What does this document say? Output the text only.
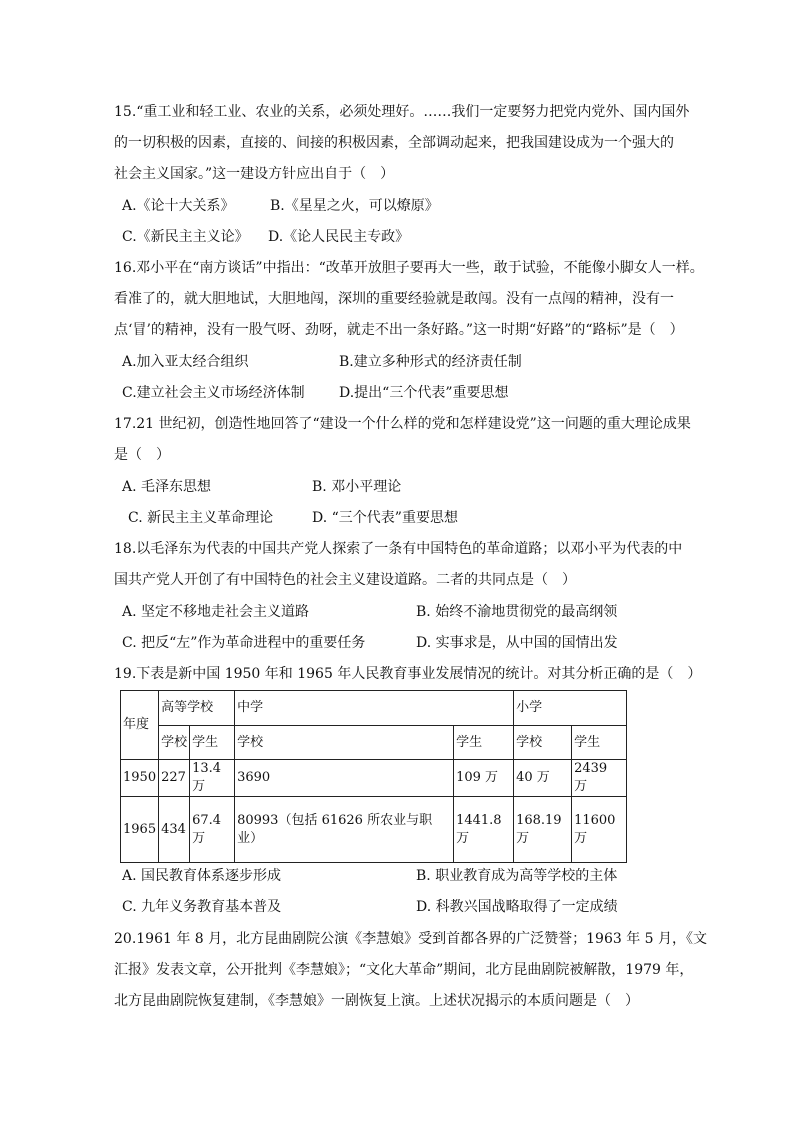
15.“重工业和轻工业、农业的关系，必须处理好。……我们一定要努力把党内党外、国内国外
的一切积极的因素，直接的、间接的积极因素，全部调动起来，把我国建设成为一个强大的
社会主义国家。”这一建设方针应出自于（　）
A.《论十大关系》	B.《星星之火，可以燎原》
C.《新民主主义论》 D.《论人民民主专政》
16.邓小平在“南方谈话”中指出：“改革开放胆子要再大一些，敢于试验，不能像小脚女人一样。
看准了的，就大胆地试，大胆地闯，深圳的重要经验就是敢闯。没有一点闯的精神，没有一
点‘冒’的精神，没有一股气呀、劲呀，就走不出一条好路。”这一时期“好路”的“路标”是（　）
A.加入亚太经合组织	B.建立多种形式的经济责任制
C.建立社会主义市场经济体制 D.提出“三个代表”重要思想
17.21 世纪初，创造性地回答了“建设一个什么样的党和怎样建设党”这一问题的重大理论成果
是（　）
A. 毛泽东思想	B. 邓小平理论
C. 新民主主义革命理论	D. “三个代表”重要思想
18.以毛泽东为代表的中国共产党人探索了一条有中国特色的革命道路；以邓小平为代表的中
国共产党人开创了有中国特色的社会主义建设道路。二者的共同点是（　）
A. 坚定不移地走社会主义道路	B. 始终不渝地贯彻党的最高纲领
C. 把反“左”作为革命进程中的重要任务	D. 实事求是，从中国的国情出发
19.下表是新中国 1950 年和 1965 年人民教育事业发展情况的统计。对其分析正确的是（　）
年度	高等学校		中学		小学	
	学校	学生	学校	学生	学校	学生
1950	227	13.4 万	3690	109 万	40 万	2439 万
1965	434	67.4 万	80993（包括 61626 所农业与职业）	1441.8 万	168.19 万	11600 万
A. 国民教育体系逐步形成	B. 职业教育成为高等学校的主体
C. 九年义务教育基本普及	D. 科教兴国战略取得了一定成绩
20.1961 年 8 月，北方昆曲剧院公演《李慧娘》受到首都各界的广泛赞誉；1963 年 5 月，《文
汇报》发表文章，公开批判《李慧娘》；“文化大革命”期间，北方昆曲剧院被解散，1979 年，
北方昆曲剧院恢复建制，《李慧娘》一剧恢复上演。上述状况揭示的本质问题是（　）
